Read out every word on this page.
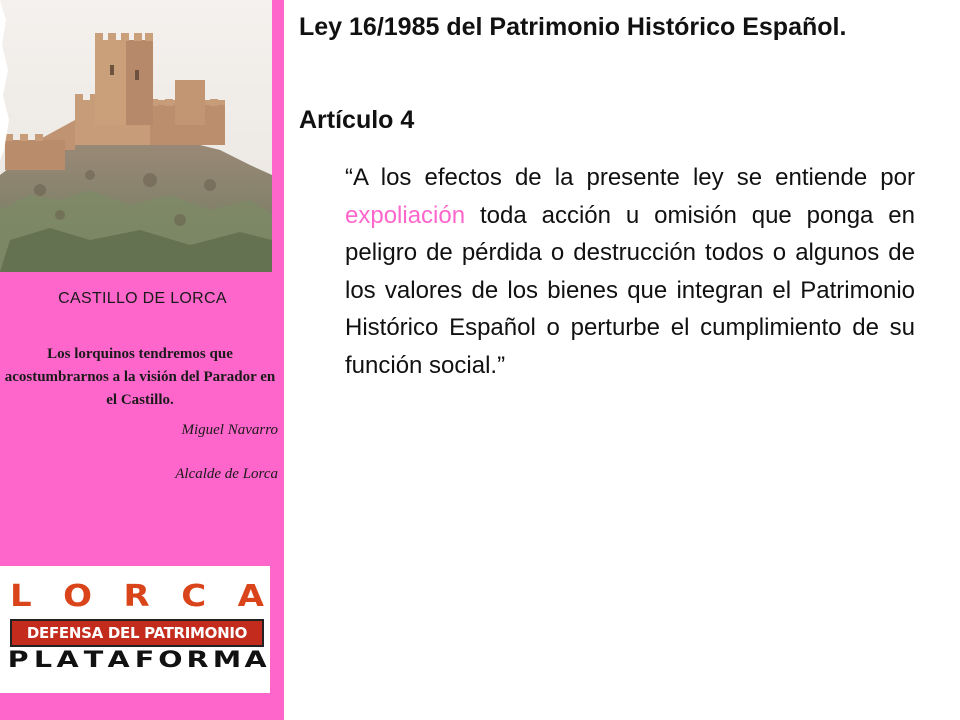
CASTILLO DE LORCA
Los lorquinos tendremos que acostumbrarnos a la visión del Parador en el Castillo.
Miguel Navarro
Alcalde de Lorca
L O R C A
DEFENSA DEL PATRIMONIO
P L A T A F O R M A
Ley 16/1985 del Patrimonio Histórico Español.
Artículo 4

“A los efectos de la presente ley se entiende por expoliación toda acción u omisión que ponga en peligro de pérdida o destrucción todos o algunos de los valores de los bienes que integran el Patrimonio Histórico Español o perturbe el cumplimiento de su función social.”
